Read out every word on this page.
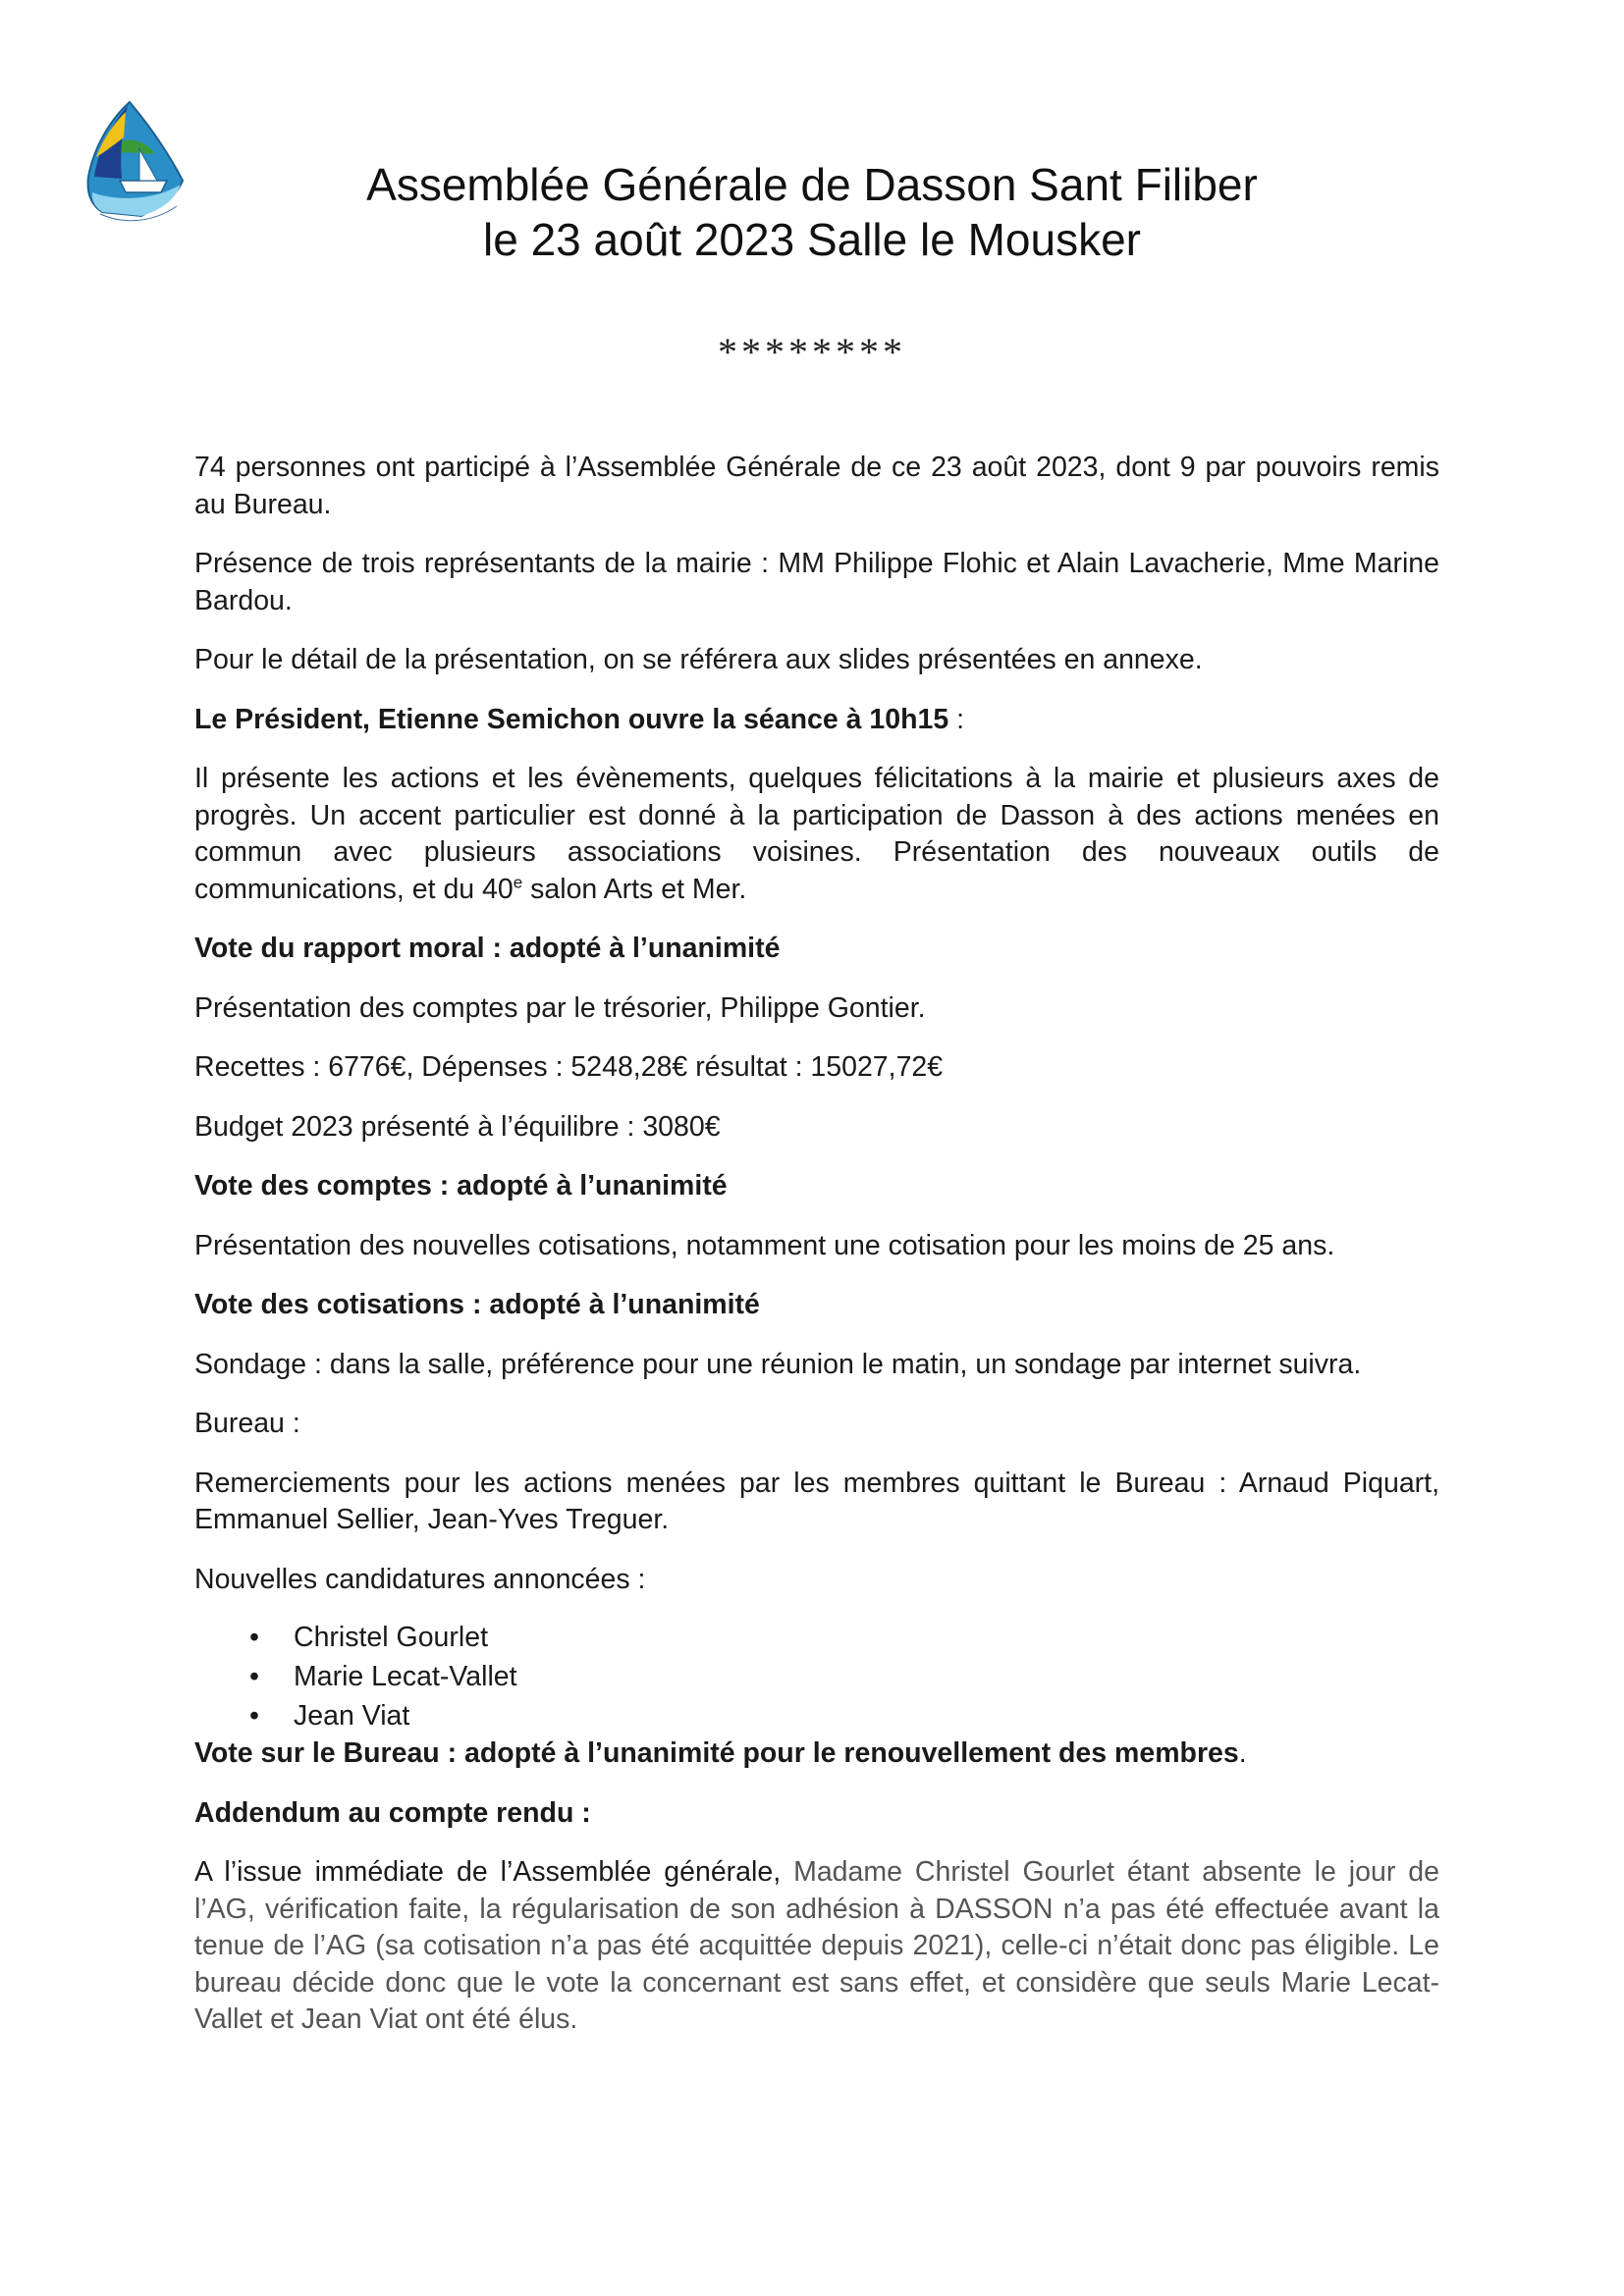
Assemblée Générale de Dasson Sant Filiber
le 23 août 2023 Salle le Mousker
********

74 personnes ont participé à l’Assemblée Générale de ce 23 août 2023, dont 9 par pouvoirs remis au Bureau.

Présence de trois représentants de la mairie : MM Philippe Flohic et Alain Lavacherie, Mme Marine Bardou.

Pour le détail de la présentation, on se référera aux slides présentées en annexe.

Le Président, Etienne Semichon ouvre la séance à 10h15 :

Il présente les actions et les évènements, quelques félicitations à la mairie et plusieurs axes de progrès. Un accent particulier est donné à la participation de Dasson à des actions menées en commun avec plusieurs associations voisines. Présentation des nouveaux outils de communications, et du 40e salon Arts et Mer.

Vote du rapport moral : adopté à l’unanimité

Présentation des comptes par le trésorier, Philippe Gontier.

Recettes : 6776€, Dépenses : 5248,28€ résultat : 15027,72€

Budget 2023 présenté à l’équilibre : 3080€

Vote des comptes : adopté à l’unanimité

Présentation des nouvelles cotisations, notamment une cotisation pour les moins de 25 ans.

Vote des cotisations : adopté à l’unanimité

Sondage : dans la salle, préférence pour une réunion le matin, un sondage par internet suivra.

Bureau :

Remerciements pour les actions menées par les membres quittant le Bureau : Arnaud Piquart, Emmanuel Sellier, Jean-Yves Treguer.

Nouvelles candidatures annoncées :

• Christel Gourlet
• Marie Lecat-Vallet
• Jean Viat

Vote sur le Bureau : adopté à l’unanimité pour le renouvellement des membres.

Addendum au compte rendu :

A l’issue immédiate de l’Assemblée générale, Madame Christel Gourlet étant absente le jour de l’AG, vérification faite, la régularisation de son adhésion à DASSON n’a pas été effectuée avant la tenue de l’AG (sa cotisation n’a pas été acquittée depuis 2021), celle-ci n’était donc pas éligible. Le bureau décide donc que le vote la concernant est sans effet, et considère que seuls Marie Lecat-Vallet et Jean Viat ont été élus.
